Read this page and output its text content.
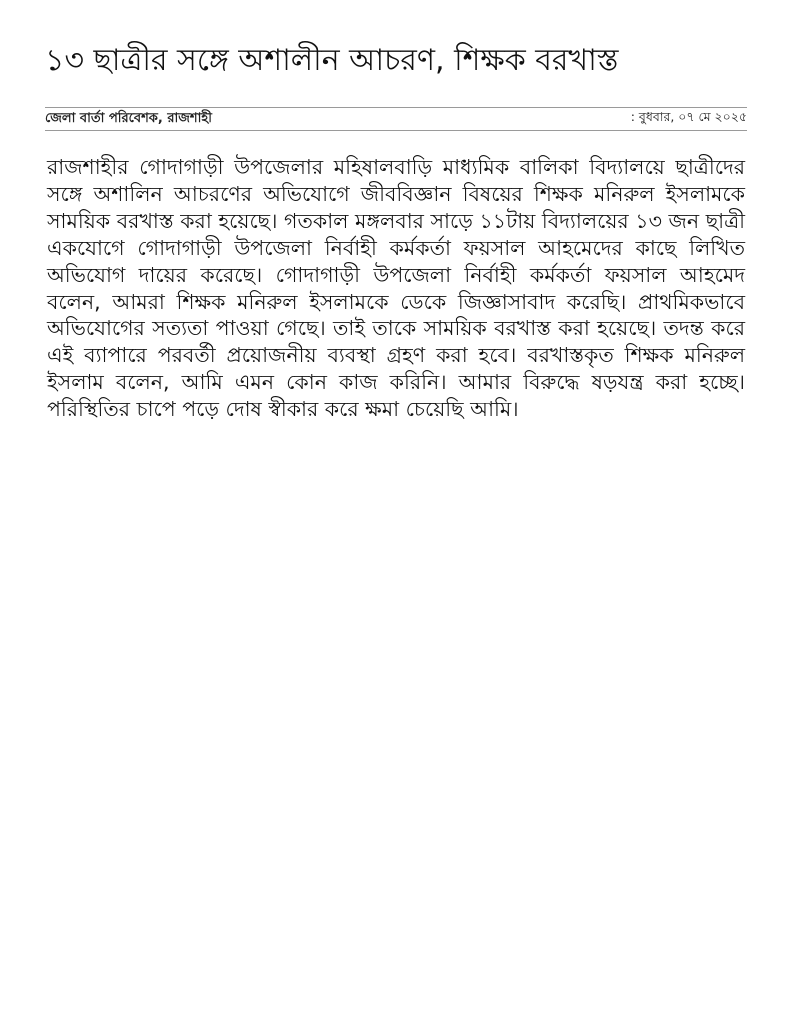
১৩ ছাত্রীর সঙ্গে অশালীন আচরণ, শিক্ষক বরখাস্ত
জেলা বার্তা পরিবেশক, রাজশাহী	: বুধবার, ০৭ মে ২০২৫

রাজশাহীর গোদাগাড়ী উপজেলার মহিষালবাড়ি মাধ্যমিক বালিকা বিদ্যালয়ে ছাত্রীদের সঙ্গে অশালিন আচরণের অভিযোগে জীববিজ্ঞান বিষয়ের শিক্ষক মনিরুল ইসলামকে সাময়িক বরখাস্ত করা হয়েছে। গতকাল মঙ্গলবার সাড়ে ১১টায় বিদ্যালয়ের ১৩ জন ছাত্রী একযোগে গোদাগাড়ী উপজেলা নির্বাহী কর্মকর্তা ফয়সাল আহমেদের কাছে লিখিত অভিযোগ দায়ের করেছে। গোদাগাড়ী উপজেলা নির্বাহী কর্মকর্তা ফয়সাল আহমেদ বলেন, আমরা শিক্ষক মনিরুল ইসলামকে ডেকে জিজ্ঞাসাবাদ করেছি। প্রাথমিকভাবে অভিযোগের সত্যতা পাওয়া গেছে। তাই তাকে সাময়িক বরখাস্ত করা হয়েছে। তদন্ত করে এই ব্যাপারে পরবর্তী প্রয়োজনীয় ব্যবস্থা গ্রহণ করা হবে। বরখাস্তকৃত শিক্ষক মনিরুল ইসলাম বলেন, আমি এমন কোন কাজ করিনি। আমার বিরুদ্ধে ষড়যন্ত্র করা হচ্ছে। পরিস্থিতির চাপে পড়ে দোষ স্বীকার করে ক্ষমা চেয়েছি আমি।
